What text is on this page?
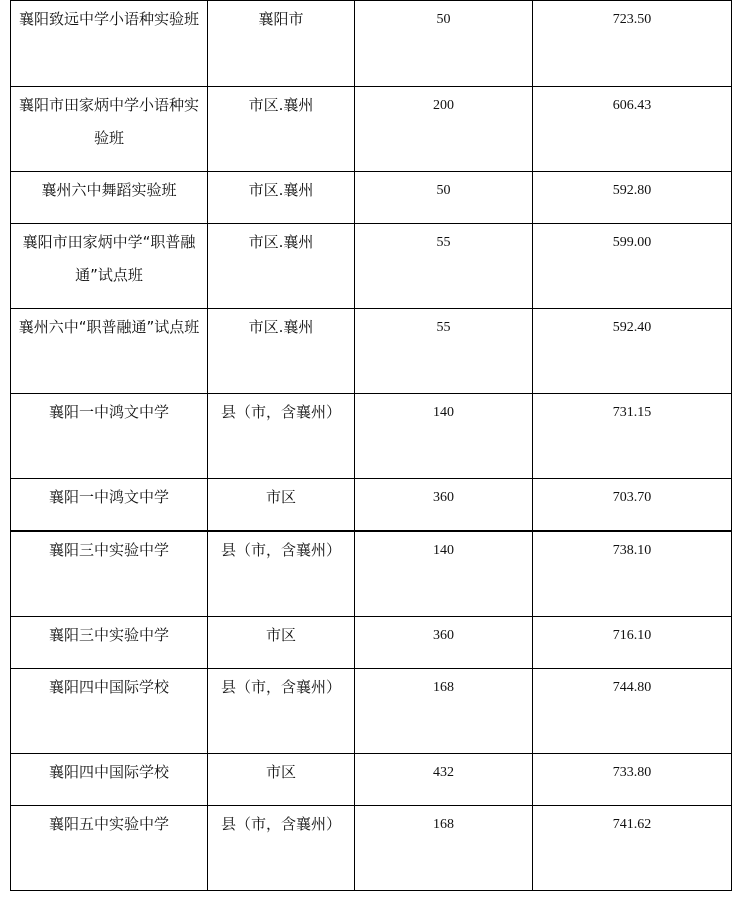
襄阳致远中学小语种实验班	襄阳市	50	723.50

襄阳市田家炳中学小语种实验班	市区.襄州	200	606.43

襄州六中舞蹈实验班	市区.襄州	50	592.80

襄阳市田家炳中学“职普融通”试点班	市区.襄州	55	599.00

襄州六中“职普融通”试点班	市区.襄州	55	592.40

襄阳一中鸿文中学	县（市，含襄州）	140	731.15

襄阳一中鸿文中学	市区	360	703.70

襄阳三中实验中学	县（市，含襄州）	140	738.10

襄阳三中实验中学	市区	360	716.10

襄阳四中国际学校	县（市，含襄州）	168	744.80

襄阳四中国际学校	市区	432	733.80

襄阳五中实验中学	县（市，含襄州）	168	741.62
